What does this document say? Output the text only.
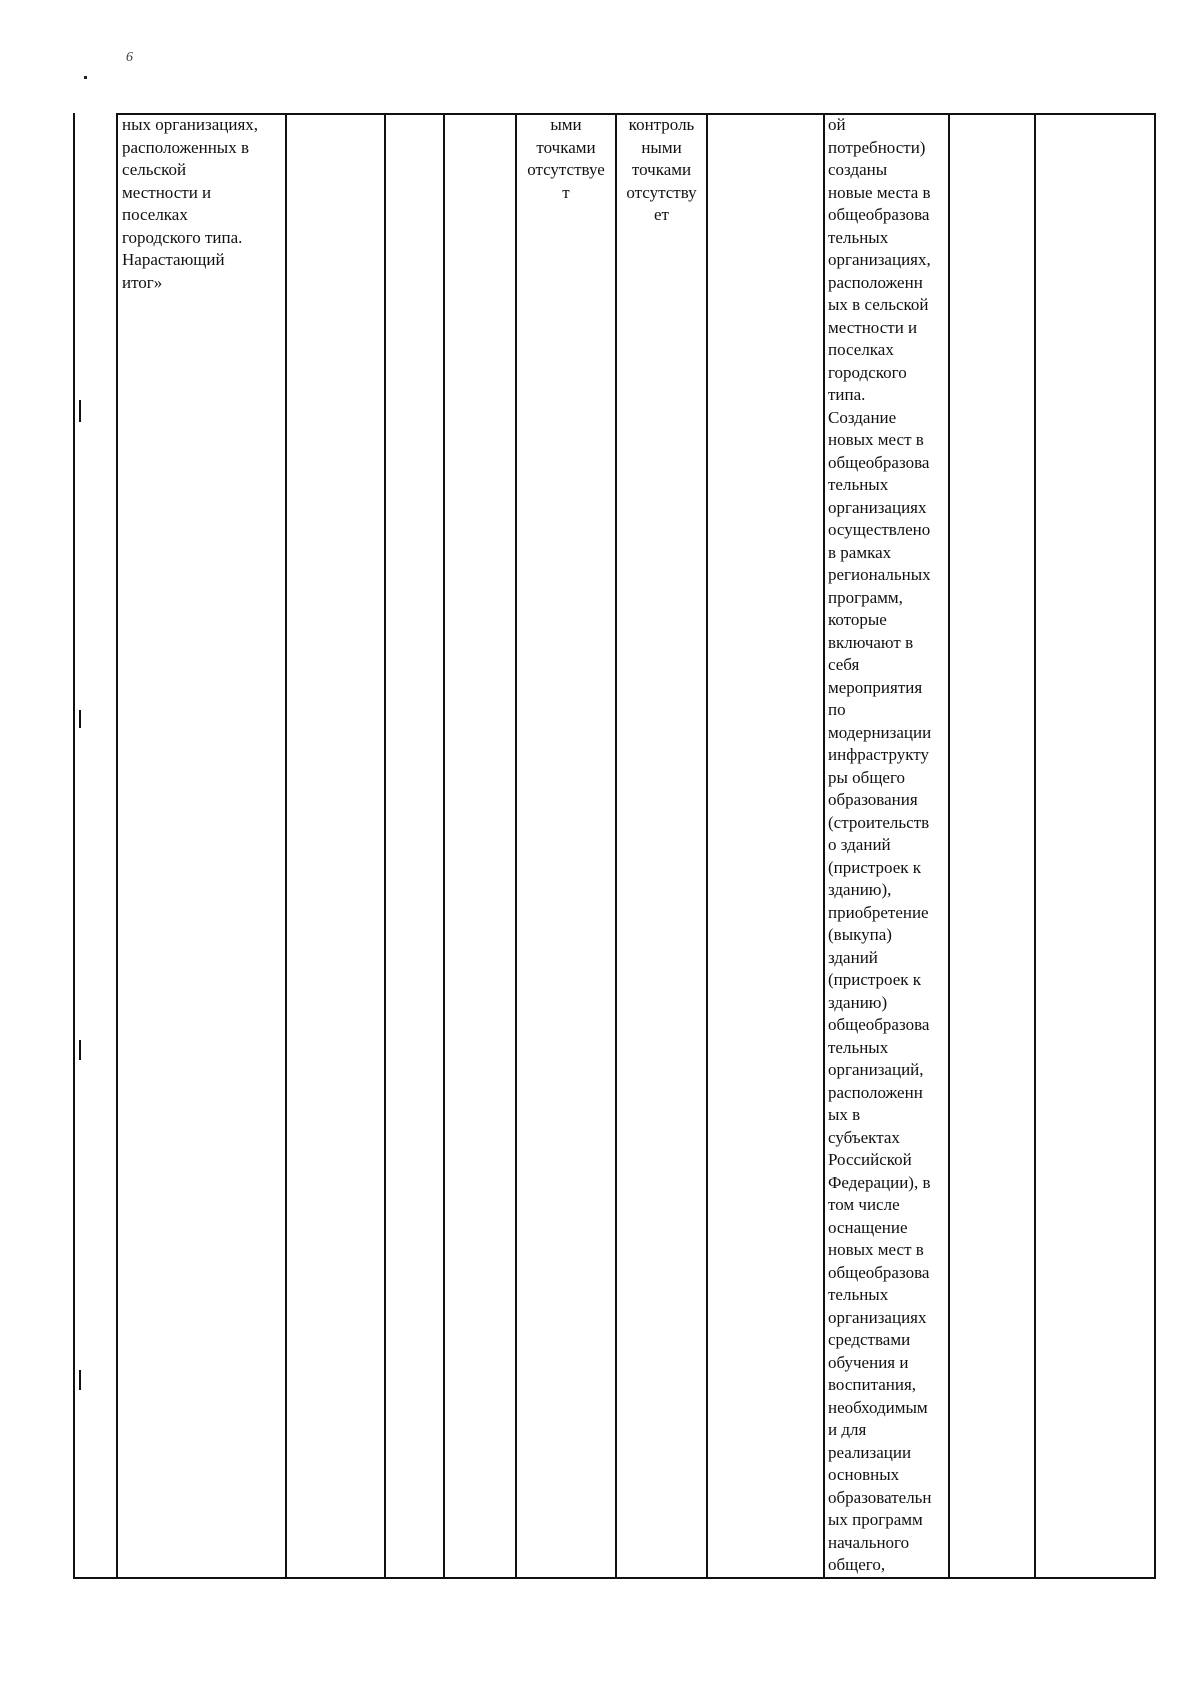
6
ных организациях,
расположенных в
сельской
местности и
поселках
городского типа.
Нарастающий
итог»
ыми
точками
отсутствуе
т
контроль
ными
точками
отсутству
ет
ой
потребности)
созданы
новые места в
общеобразова
тельных
организациях,
расположенн
ых в сельской
местности и
поселках
городского
типа.
Создание
новых мест в
общеобразова
тельных
организациях
осуществлено
в рамках
региональных
программ,
которые
включают в
себя
мероприятия
по
модернизации
инфраструкту
ры общего
образования
(строительств
о зданий
(пристроек к
зданию),
приобретение
(выкупа)
зданий
(пристроек к
зданию)
общеобразова
тельных
организаций,
расположенн
ых в
субъектах
Российской
Федерации), в
том числе
оснащение
новых мест в
общеобразова
тельных
организациях
средствами
обучения и
воспитания,
необходимым
и для
реализации
основных
образовательн
ых программ
начального
общего,
